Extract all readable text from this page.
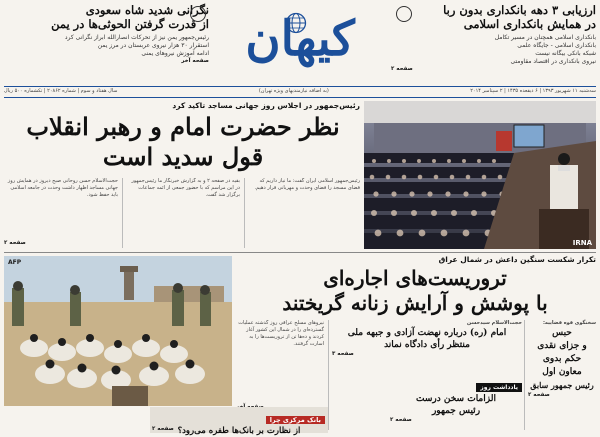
ارزیابی ۳ دهه بانکداری بدون ربا
در همایش بانکداری اسلامی
بانکداری اسلامی همچنان در مسیر تکامل
بانکداری اسلامی - جایگاه علمی
شبکه بانکی بیگانه نیست
نیروی بانکداری در اقتصاد مقاومتی
صفحه ۲
کیهان
نگرانی شدید شاه سعودی
از قدرت گرفتن الحوثی‌ها در یمن
رئیس‌جمهور یمن نیز از تحرکات انصارالله ابراز نگرانی کرد
استقرار ۳۰ هزار نیروی عربستان در مرز یمن
ادامه آموزش نیروهای یمنی
صفحه آخر
سال هفتاد و سوم | شماره ۲۰۸۶۲ | تکشماره ۵۰۰ ریال	(به اضافه نیازمندیهای ویژه تهران)	سه‌شنبه ۱۱ شهریور ۱۳۹۳ | ۶ ذیقعده ۱۴۳۵ | ۲ سپتامبر ۲۰۱۴
رئیس‌جمهور در اجلاس روز جهانی مساجد تاکید کرد
نظر حضرت امام و رهبر انقلاب
قول سدید است
رئیس‌جمهور اسلامی ایران گفت: ما نیاز داریم که فضای مسجد را فضای وحدت و مهربانی قرار دهیم.
بقیه در صفحه ۲ و به گزارش خبرنگار ما رئیس‌جمهور در این مراسم که با حضور جمعی از ائمه جماعات برگزار شد گفت.
حجت‌الاسلام حسن روحانی صبح دیروز در همایش روز جهانی مساجد اظهار داشت وحدت در جامعه اسلامی باید حفظ شود.
صفحه ۲	IRNA
تکرار شکست سنگین داعش در شمال عراق
تروریست‌های اجاره‌ای
با پوشش و آرایش زنانه گریختند
AFP
نیروهای مسلح عراقی روز گذشته عملیات گسترده‌ای را در شمال این کشور آغاز کردند و ده‌ها تن از تروریست‌ها را به اسارت گرفتند.
حجت‌الاسلام سیدحسن
امام (ره) درباره نهضت آزادی و جبهه ملی
منتظر رأی دادگاه نماند
صفحه ۳
یادداشت روز
الزامات سخن درست
رئیس جمهور
صفحه ۲
سخنگوی قوه قضاییه:
حبس
و جزای نقدی
حکم بدوی
معاون اول
رئیس جمهور سابق
صفحه ۲
بانک مرکزی چرا
از نظارت بر بانک‌ها طفره می‌رود؟
صفحه ۲
